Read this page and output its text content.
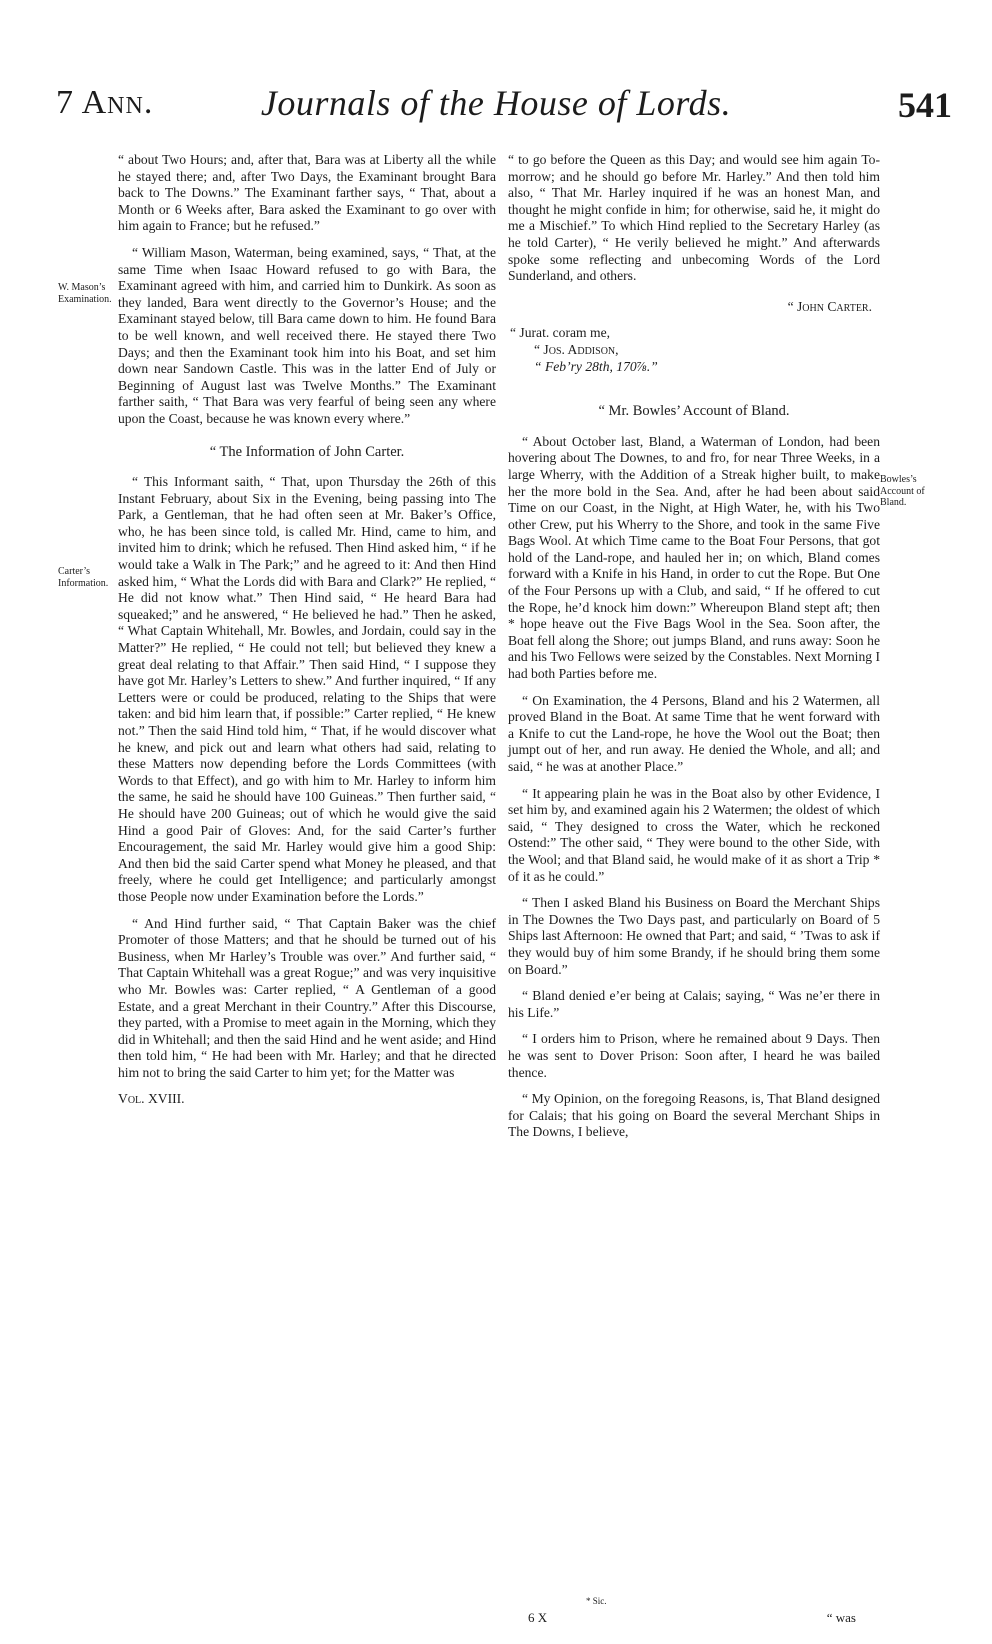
7 Ann.	Journals of the House of Lords.	541
W. Mason’s Examination.
Carter’s Information.
Bowles’s Account of Bland.

“ about Two Hours; and, after that, Bara was at Liberty all the while he stayed there; and, after Two Days, the Examinant brought Bara back to The Downs.” The Examinant farther says, “ That, about a Month or 6 Weeks after, Bara asked the Examinant to go over with him again to France; but he refused.”

“ William Mason, Waterman, being examined, says, “ That, at the same Time when Isaac Howard refused to go with Bara, the Examinant agreed with him, and carried him to Dunkirk. As soon as they landed, Bara went directly to the Governor’s House; and the Examinant stayed below, till Bara came down to him. He found Bara to be well known, and well received there. He stayed there Two Days; and then the Examinant took him into his Boat, and set him down near Sandown Castle. This was in the latter End of July or Beginning of August last was Twelve Months.” The Examinant farther saith, “ That Bara was very fearful of being seen any where upon the Coast, because he was known every where.”

“ The Information of John Carter.

“ This Informant saith, “ That, upon Thursday the 26th of this Instant February, about Six in the Evening, being passing into The Park, a Gentleman, that he had often seen at Mr. Baker’s Office, who, he has been since told, is called Mr. Hind, came to him, and invited him to drink; which he refused. Then Hind asked him, “ if he would take a Walk in The Park;” and he agreed to it: And then Hind asked him, “ What the Lords did with Bara and Clark?” He replied, “ He did not know what.” Then Hind said, “ He heard Bara had squeaked;” and he answered, “ He believed he had.” Then he asked, “ What Captain Whitehall, Mr. Bowles, and Jordain, could say in the Matter?” He replied, “ He could not tell; but believed they knew a great deal relating to that Affair.” Then said Hind, “ I suppose they have got Mr. Harley’s Letters to shew.” And further inquired, “ If any Letters were or could be produced, relating to the Ships that were taken: and bid him learn that, if possible:” Carter replied, “ He knew not.” Then the said Hind told him, “ That, if he would discover what he knew, and pick out and learn what others had said, relating to these Matters now depending before the Lords Committees (with Words to that Effect), and go with him to Mr. Harley to inform him the same, he said he should have 100 Guineas.” Then further said, “ He should have 200 Guineas; out of which he would give the said Hind a good Pair of Gloves: And, for the said Carter’s further Encouragement, the said Mr. Harley would give him a good Ship: And then bid the said Carter spend what Money he pleased, and that freely, where he could get Intelligence; and particularly amongst those People now under Examination before the Lords.”

“ And Hind further said, “ That Captain Baker was the chief Promoter of those Matters; and that he should be turned out of his Business, when Mr Harley’s Trouble was over.” And further said, “ That Captain Whitehall was a great Rogue;” and was very inquisitive who Mr. Bowles was: Carter replied, “ A Gentleman of a good Estate, and a great Merchant in their Country.” After this Discourse, they parted, with a Promise to meet again in the Morning, which they did in Whitehall; and then the said Hind and he went aside; and Hind then told him, “ He had been with Mr. Harley; and that he directed him not to bring the said Carter to him yet; for the Matter was

Vol. XVIII.

“ to go before the Queen as this Day; and would see him again To-morrow; and he should go before Mr. Harley.” And then told him also, “ That Mr. Harley inquired if he was an honest Man, and thought he might confide in him; for otherwise, said he, it might do me a Mischief.” To which Hind replied to the Secretary Harley (as he told Carter), “ He verily believed he might.” And afterwards spoke some reflecting and unbecoming Words of the Lord Sunderland, and others.

“ John Carter.

“ Jurat. coram me,

“ Jos. Addison,

“ Feb’ry 28th, 170⅞.”

“ Mr. Bowles’ Account of Bland.

“ About October last, Bland, a Waterman of London, had been hovering about The Downes, to and fro, for near Three Weeks, in a large Wherry, with the Addition of a Streak higher built, to make her the more bold in the Sea. And, after he had been about said Time on our Coast, in the Night, at High Water, he, with his Two other Crew, put his Wherry to the Shore, and took in the same Five Bags Wool. At which Time came to the Boat Four Persons, that got hold of the Land-rope, and hauled her in; on which, Bland comes forward with a Knife in his Hand, in order to cut the Rope. But One of the Four Persons up with a Club, and said, “ If he offered to cut the Rope, he’d knock him down:” Whereupon Bland stept aft; then * hope heave out the Five Bags Wool in the Sea. Soon after, the Boat fell along the Shore; out jumps Bland, and runs away: Soon he and his Two Fellows were seized by the Constables. Next Morning I had both Parties before me.

“ On Examination, the 4 Persons, Bland and his 2 Watermen, all proved Bland in the Boat. At same Time that he went forward with a Knife to cut the Land-rope, he hove the Wool out the Boat; then jumpt out of her, and run away. He denied the Whole, and all; and said, “ he was at another Place.”

“ It appearing plain he was in the Boat also by other Evidence, I set him by, and examined again his 2 Watermen; the oldest of which said, “ They designed to cross the Water, which he reckoned Ostend:” The other said, “ They were bound to the other Side, with the Wool; and that Bland said, he would make of it as short a Trip * of it as he could.”

“ Then I asked Bland his Business on Board the Merchant Ships in The Downes the Two Days past, and particularly on Board of 5 Ships last Afternoon: He owned that Part; and said, “ ’Twas to ask if they would buy of him some Brandy, if he should bring them some on Board.”

“ Bland denied e’er being at Calais; saying, “ Was ne’er there in his Life.”

“ I orders him to Prison, where he remained about 9 Days. Then he was sent to Dover Prison: Soon after, I heard he was bailed thence.

“ My Opinion, on the foregoing Reasons, is, That Bland designed for Calais; that his going on Board the several Merchant Ships in The Downs, I believe,

* Sic.
6 X	“ was
